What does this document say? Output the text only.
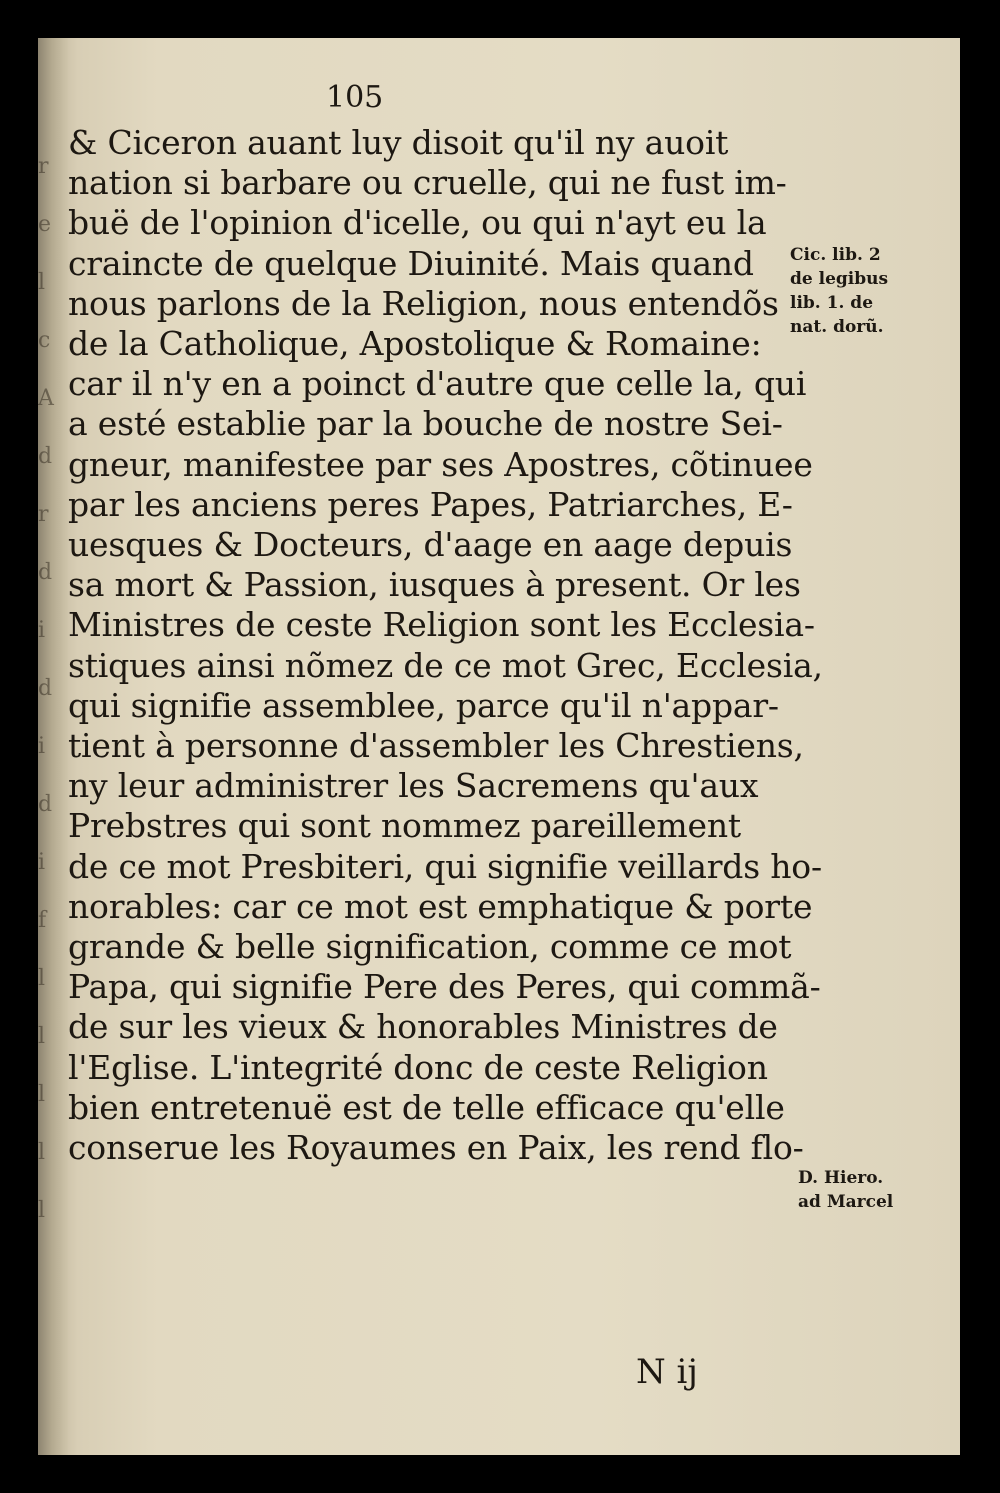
r
e
l
c
A
d
r
d
i
d
i
d
i
f
l
l
l
l
l
105
& Ciceron auant luy disoit qu'il ny auoit
nation si barbare ou cruelle, qui ne fust im-
buë de l'opinion d'icelle, ou qui n'ayt eu la
crainᴄte de quelque Diuinité. Mais quand
nous parlons de la Religion, nous entendõs
de la Catholique, Apostolique & Romaine:
car il n'y en a poinᴄt d'autre que celle la, qui
a esté establie par la bouche de nostre Sei-
gneur, manifestee par ses Apostres, cõtinuee
par les anciens peres Papes, Patriarches, E-
uesques & Doᴄteurs, d'aage en aage depuis
sa mort & Passion, iusques à present. Or les
Ministres de ceste Religion sont les Ecclesia-
stiques ainsi nõmez de ce mot Grec, Ecclesia,
qui signifie assemblee, parce qu'il n'appar-
tient à personne d'assembler les Chrestiens,
ny leur administrer les Sacremens qu'aux
Prebstres qui sont nommez pareillement
de ce mot Presbiteri, qui signifie veillards ho-
norables: car ce mot est emphatique & porte
grande & belle signification, comme ce mot
Papa, qui signifie Pere des Peres, qui commã-
de sur les vieux & honorables Ministres de
l'Eglise. L'integrité donc de ceste Religion
bien entretenuë est de telle efficace qu'elle
conserue les Royaumes en Paix, les rend flo-
Cic. lib. 2
de legibus
lib. 1. de
nat. dorũ.
D. Hiero.
ad Marcel
N ij
